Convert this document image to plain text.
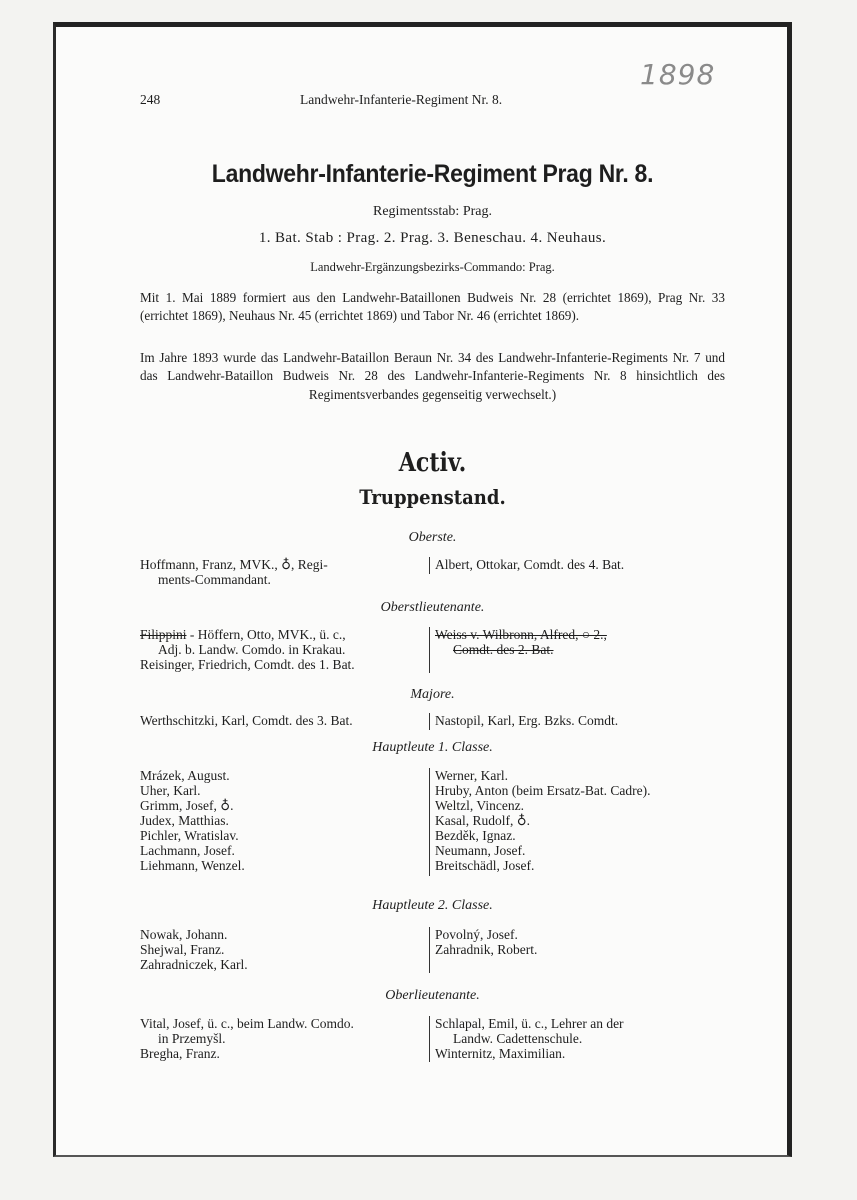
1898
248	Landwehr-Infanterie-Regiment Nr. 8.
Landwehr-Infanterie-Regiment Prag Nr. 8.
Regimentsstab: Prag.
1. Bat. Stab : Prag. 2. Prag. 3. Beneschau. 4. Neuhaus.
Landwehr-Ergänzungsbezirks-Commando: Prag.
Mit 1. Mai 1889 formiert aus den Landwehr-Bataillonen Budweis Nr. 28 (errichtet 1869), Prag Nr. 33 (errichtet 1869), Neuhaus Nr. 45 (errichtet 1869) und Tabor Nr. 46 (errichtet 1869).
Im Jahre 1893 wurde das Landwehr-Bataillon Beraun Nr. 34 des Landwehr-Infanterie-Regiments Nr. 7 und das Landwehr-Bataillon Budweis Nr. 28 des Landwehr-Infanterie-Regiments Nr. 8 hinsichtlich des Regimentsverbandes gegenseitig verwechselt.)
Activ.
Truppenstand.
Oberste.
Hoffmann, Franz, MVK., ♁, Regi-
ments-Commandant.
Albert, Ottokar, Comdt. des 4. Bat.
Oberstlieutenante.
Filippini - Höffern, Otto, MVK., ü. c.,
Adj. b. Landw. Comdo. in Krakau.
Reisinger, Friedrich, Comdt. des 1. Bat.
Weiss v. Wilbronn, Alfred, ○ 2.,
Comdt. des 2. Bat.
Majore.
Werthschitzki, Karl, Comdt. des 3. Bat.	Nastopil, Karl, Erg. Bzks. Comdt.
Hauptleute 1. Classe.
Mrázek, August.
Uher, Karl.
Grimm, Josef, ♁.
Judex, Matthias.
Pichler, Wratislav.
Lachmann, Josef.
Liehmann, Wenzel.
Werner, Karl.
Hruby, Anton (beim Ersatz-Bat. Cadre).
Weltzl, Vincenz.
Kasal, Rudolf, ♁.
Bezděk, Ignaz.
Neumann, Josef.
Breitschädl, Josef.
Hauptleute 2. Classe.
Nowak, Johann.
Shejwal, Franz.
Zahradniczek, Karl.
Povolný, Josef.
Zahradnik, Robert.
Oberlieutenante.
Vital, Josef, ü. c., beim Landw. Comdo.
in Przemyšl.
Bregha, Franz.
Schlapal, Emil, ü. c., Lehrer an der
Landw. Cadettenschule.
Winternitz, Maximilian.
